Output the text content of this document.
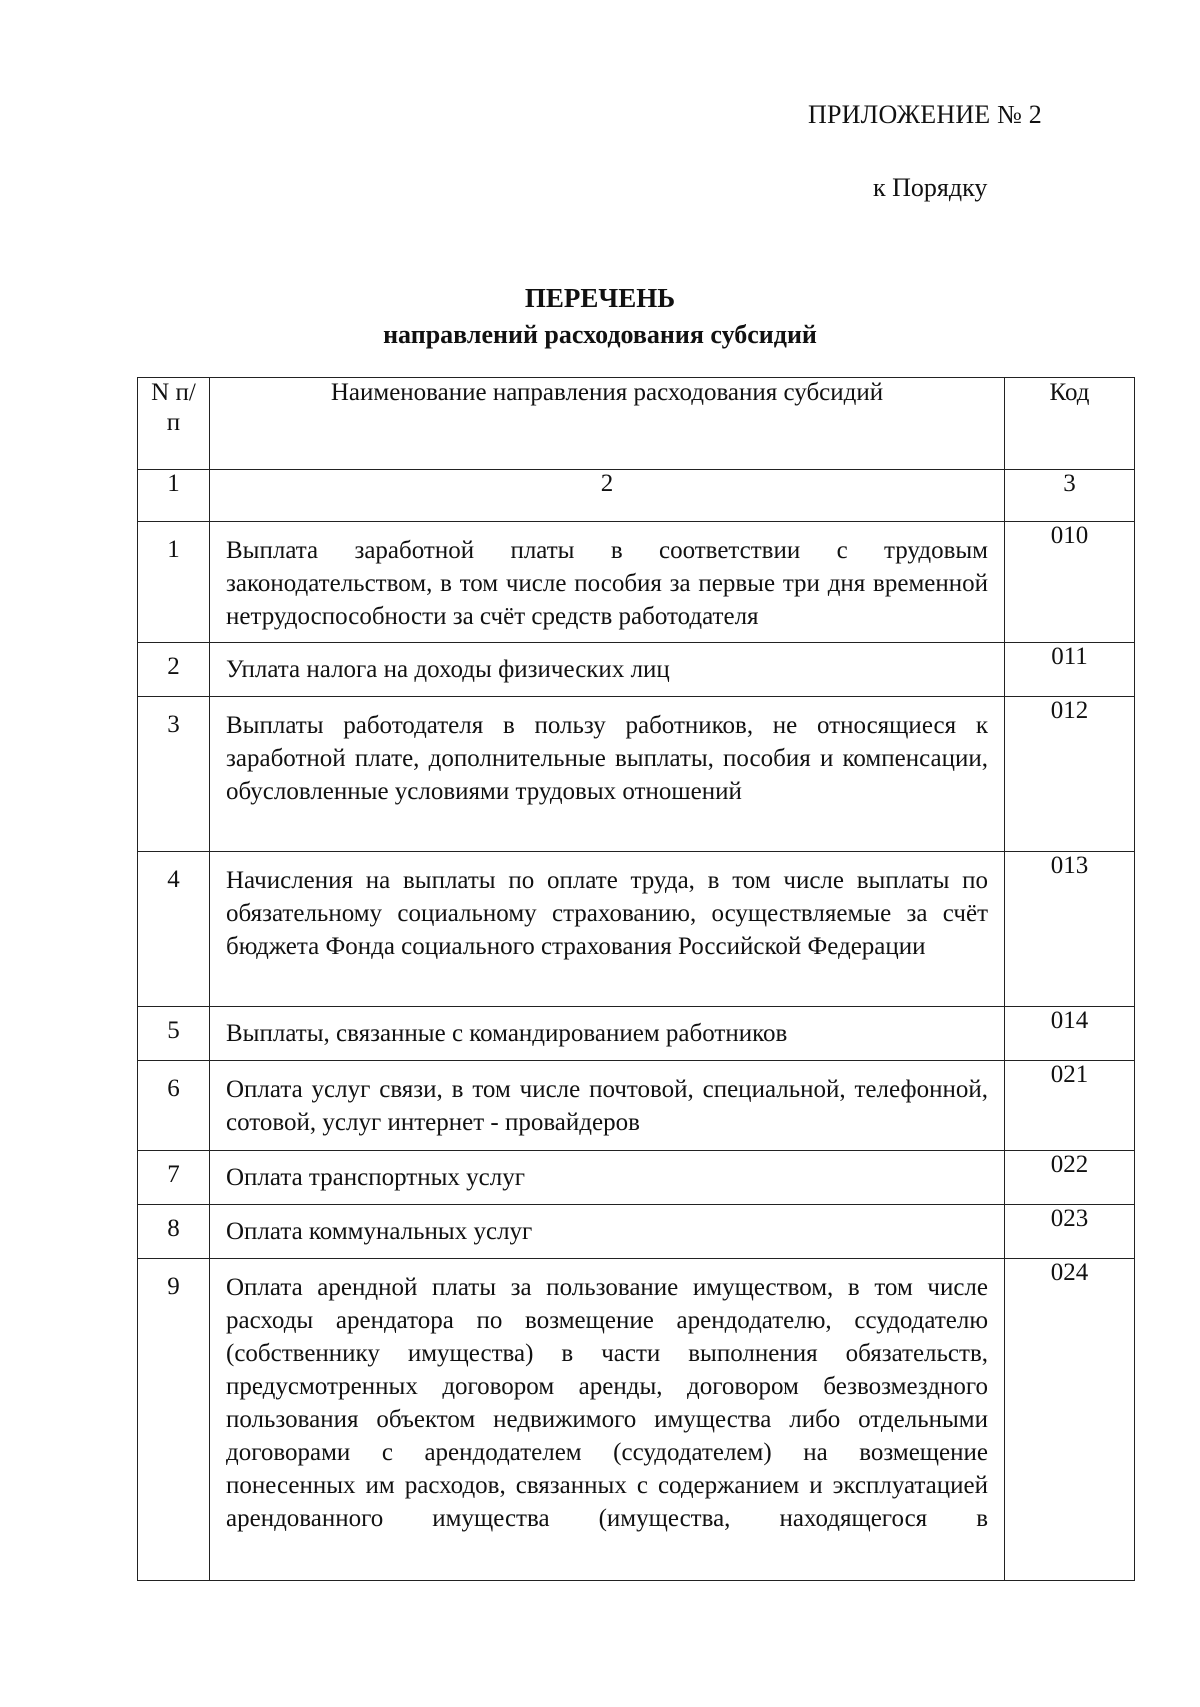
ПРИЛОЖЕНИЕ № 2
к Порядку
ПЕРЕЧЕНЬ
направлений расходования субсидий
N п/п	Наименование направления расходования субсидий	Код
1	2	3
1	Выплата заработной платы в соответствии с трудовым законодательством, в том числе пособия за первые три дня временной нетрудоспособности за счёт средств работодателя	010
2	Уплата налога на доходы физических лиц	011
3	Выплаты работодателя в пользу работников, не относящиеся к заработной плате, дополнительные выплаты, пособия и компенсации, обусловленные условиями трудовых отношений	012
4	Начисления на выплаты по оплате труда, в том числе выплаты по обязательному социальному страхованию, осуществляемые за счёт бюджета Фонда социального страхования Российской Федерации	013
5	Выплаты, связанные с командированием работников	014
6	Оплата услуг связи, в том числе почтовой, специальной, телефонной, сотовой, услуг интернет - провайдеров	021
7	Оплата транспортных услуг	022
8	Оплата коммунальных услуг	023
9	Оплата арендной платы за пользование имуществом, в том числе расходы арендатора по возмещение арендодателю, ссудодателю (собственнику имущества) в части выполнения обязательств, предусмотренных договором аренды, договором безвозмездного пользования объектом недвижимого имущества либо отдельными договорами с арендодателем (ссудодателем) на возмещение понесенных им расходов, связанных с содержанием и эксплуатацией арендованного имущества (имущества, находящегося в	024
